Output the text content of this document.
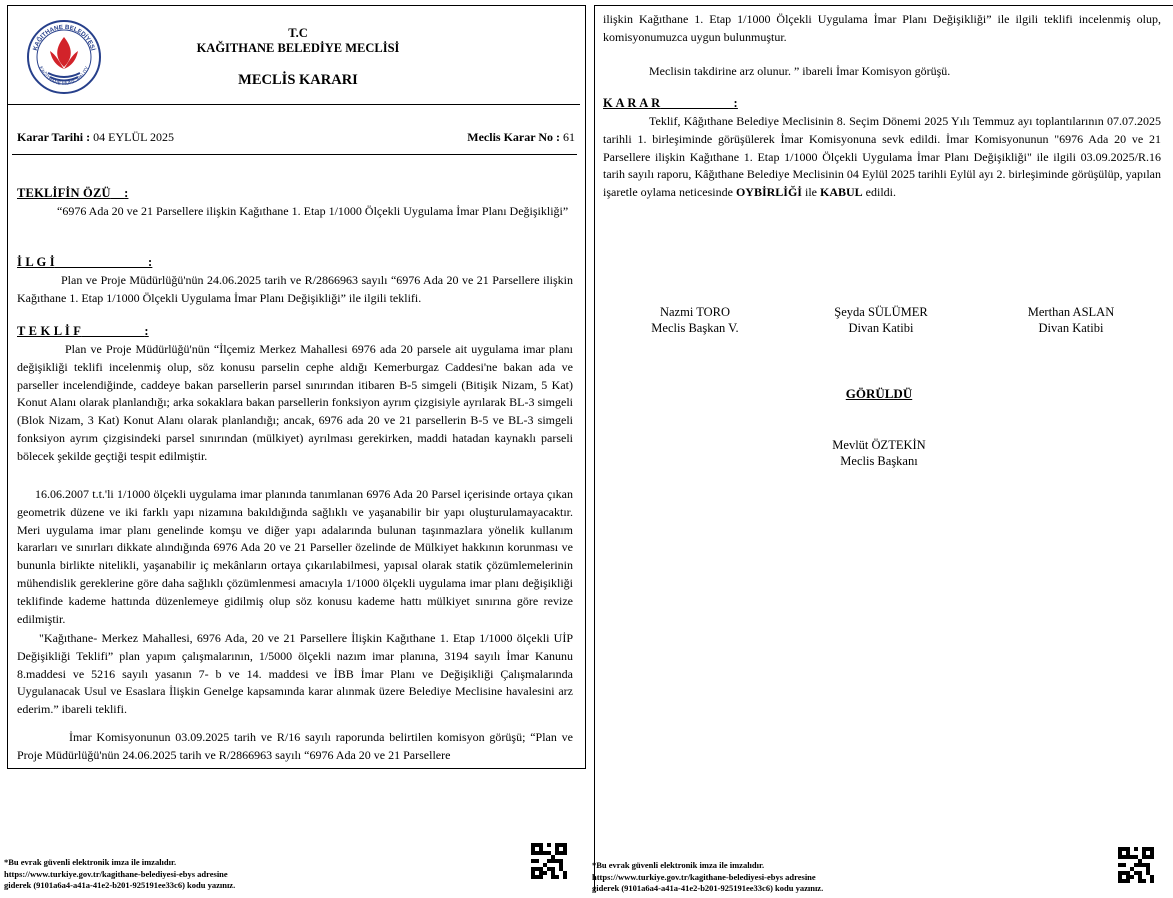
KAĞITHANE BELEDİYESİ
KAĞITHANE MUNICIPALITY
T.C
KAĞITHANE BELEDİYE MECLİSİ
MECLİS KARARI
Karar Tarihi : 04 EYLÜL 2025	Meclis Karar No : 61
TEKLİFİN ÖZÜ :
“6976 Ada 20 ve 21 Parsellere ilişkin Kağıthane 1. Etap 1/1000 Ölçekli Uygulama İmar Planı Değişikliği”
İ L G İ	:
Plan ve Proje Müdürlüğü'nün 24.06.2025 tarih ve R/2866963 sayılı “6976 Ada 20 ve 21 Parsellere ilişkin Kağıthane 1. Etap 1/1000 Ölçekli Uygulama İmar Planı Değişikliği” ile ilgili teklifi.
T E K L İ F	:
Plan ve Proje Müdürlüğü'nün “İlçemiz Merkez Mahallesi 6976 ada 20 parsele ait uygulama imar planı değişikliği teklifi incelenmiş olup, söz konusu parselin cephe aldığı Kemerburgaz Caddesi'ne bakan ada ve parseller incelendiğinde, caddeye bakan parsellerin parsel sınırından itibaren B-5 simgeli (Bitişik Nizam, 5 Kat) Konut Alanı olarak planlandığı; arka sokaklara bakan parsellerin fonksiyon ayrım çizgisiyle ayrılarak BL-3 simgeli (Blok Nizam, 3 Kat) Konut Alanı olarak planlandığı; ancak, 6976 ada 20 ve 21 parsellerin B-5 ve BL-3 simgeli fonksiyon ayrım çizgisindeki parsel sınırından (mülkiyet) ayrılması gerekirken, maddi hatadan kaynaklı parseli bölecek şekilde geçtiği tespit edilmiştir.
16.06.2007 t.t.'li 1/1000 ölçekli uygulama imar planında tanımlanan 6976 Ada 20 Parsel içerisinde ortaya çıkan geometrik düzene ve iki farklı yapı nizamına bakıldığında sağlıklı ve yaşanabilir bir yapı oluşturulamayacaktır. Meri uygulama imar planı genelinde komşu ve diğer yapı adalarında bulunan taşınmazlara yönelik kullanım kararları ve sınırları dikkate alındığında 6976 Ada 20 ve 21 Parseller özelinde de Mülkiyet hakkının korunması ve bununla birlikte nitelikli, yaşanabilir iç mekânların ortaya çıkarılabilmesi, yapısal olarak statik çözümlemelerinin mühendislik gereklerine göre daha sağlıklı çözümlenmesi amacıyla 1/1000 ölçekli uygulama imar planı değişikliği teklifinde kademe hattında düzenlemeye gidilmiş olup söz konusu kademe hattı mülkiyet sınırına göre revize edilmiştir.
"Kağıthane- Merkez Mahallesi, 6976 Ada, 20 ve 21 Parsellere İlişkin Kağıthane 1. Etap 1/1000 ölçekli UİP Değişikliği Teklifi” plan yapım çalışmalarının, 1/5000 ölçekli nazım imar planına, 3194 sayılı İmar Kanunu 8.maddesi ve 5216 sayılı yasanın 7- b ve 14. maddesi ve İBB İmar Planı ve Değişikliği Çalışmalarında Uygulanacak Usul ve Esaslara İlişkin Genelge kapsamında karar alınmak üzere Belediye Meclisine havalesini arz ederim.” ibareli teklifi.
İmar Komisyonunun 03.09.2025 tarih ve R/16 sayılı raporunda belirtilen komisyon görüşü; “Plan ve Proje Müdürlüğü'nün 24.06.2025 tarih ve R/2866963 sayılı “6976 Ada 20 ve 21 Parsellere
*Bu evrak güvenli elektronik imza ile imzalıdır.
https://www.turkiye.gov.tr/kagithane-belediyesi-ebys adresine
giderek (9101a6a4-a41a-41e2-b201-925191ee33c6) kodu yazınız.
ilişkin Kağıthane 1. Etap 1/1000 Ölçekli Uygulama İmar Planı Değişikliği” ile ilgili teklifi incelenmiş olup, komisyonumuzca uygun bulunmuştur.
Meclisin takdirine arz olunur. ” ibareli İmar Komisyon görüşü.
K A R A R	:
Teklif, Kâğıthane Belediye Meclisinin 8. Seçim Dönemi 2025 Yılı Temmuz ayı toplantılarının 07.07.2025 tarihli 1. birleşiminde görüşülerek İmar Komisyonuna sevk edildi. İmar Komisyonunun "6976 Ada 20 ve 21 Parsellere ilişkin Kağıthane 1. Etap 1/1000 Ölçekli Uygulama İmar Planı Değişikliği" ile ilgili 03.09.2025/R.16 tarih sayılı raporu, Kâğıthane Belediye Meclisinin 04 Eylül 2025 tarihli Eylül ayı 2. birleşiminde görüşülüp, yapılan işaretle oylama neticesinde OYBİRLİĞİ ile KABUL edildi.
Nazmi TORO
Meclis Başkan V.
Şeyda SÜLÜMER
Divan Katibi
Merthan ASLAN
Divan Katibi
GÖRÜLDÜ
Mevlüt ÖZTEKİN
Meclis Başkanı
*Bu evrak güvenli elektronik imza ile imzalıdır.
https://www.turkiye.gov.tr/kagithane-belediyesi-ebys adresine
giderek (9101a6a4-a41a-41e2-b201-925191ee33c6) kodu yazınız.
